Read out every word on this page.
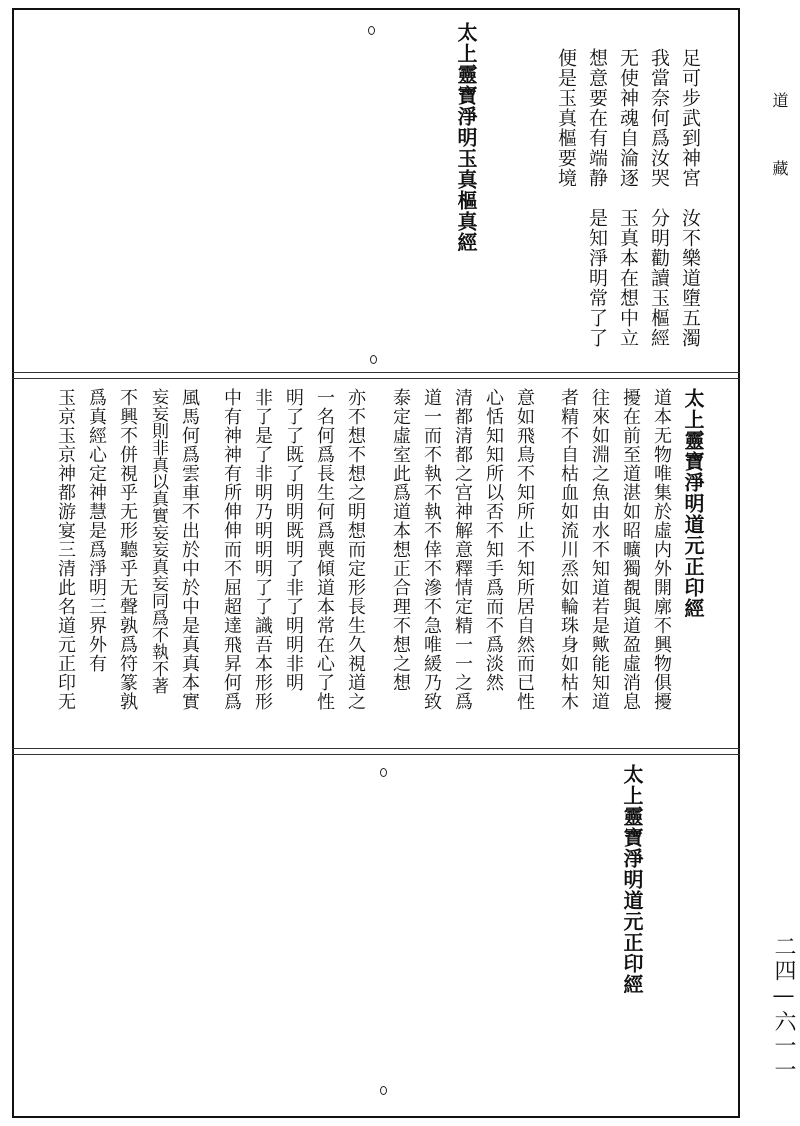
道藏
二四—六一一
太上靈寶淨明玉真樞真經	足可步武到神宮　汝不樂道墮五濁
我當奈何爲汝哭　分明勸讀玉樞經
无使神魂自淪逐　玉真本在想中立
想意要在有端静　是知淨明常了了
便是玉真樞要境
太上靈寶淨明道元正印經
道本无物唯集於虛内外開廓不興物俱擾
擾在前至道湛如昭曠獨覩與道盈虛消息
往來如淵之魚由水不知道若是歟能知道
者精不自枯血如流川烝如輪珠身如枯木
意如飛鳥不知所止不知所居自然而已性
心恬知知所以否不知手爲而不爲淡然
清都清都之宫神解意釋情定精一一之爲
道一而不執不執不倖不滲不急唯緩乃致
泰定虛室此爲道本想正合理不想之想
亦不想不想之明想而定形長生久視道之
一名何爲長生何爲喪傾道本常在心了性
明了了既了明明既明了非了明明非明
非了是了非明乃明明明了了識吾本形形
中有神神有所伸伸而不屈超達飛昇何爲
風馬何爲雲車不出於中於中是真真本實
妄妄則非真以真實妄妄真妄同爲不執不著
不興不併視乎无形聽乎无聲孰爲符篆孰
爲真經心定神慧是爲淨明三界外有
玉京玉京神都游宴三清此名道元正印无
太上靈寶淨明道元正印經
